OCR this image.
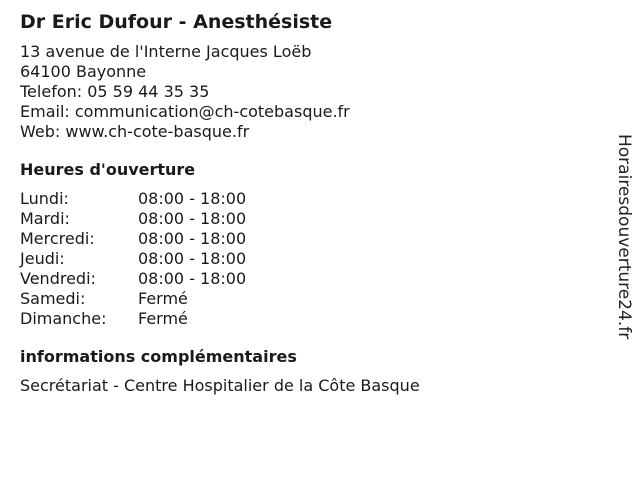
Dr Eric Dufour - Anesthésiste
13 avenue de l'Interne Jacques Loëb
64100 Bayonne
Telefon: 05 59 44 35 35
Email: communication@ch-cotebasque.fr
Web: www.ch-cote-basque.fr
Heures d'ouverture
Lundi:	08:00 - 18:00
Mardi:	08:00 - 18:00
Mercredi:	08:00 - 18:00
Jeudi:	08:00 - 18:00
Vendredi:	08:00 - 18:00
Samedi:	Fermé
Dimanche:	Fermé
informations complémentaires
Secrétariat - Centre Hospitalier de la Côte Basque
Horairesdouverture24.fr
